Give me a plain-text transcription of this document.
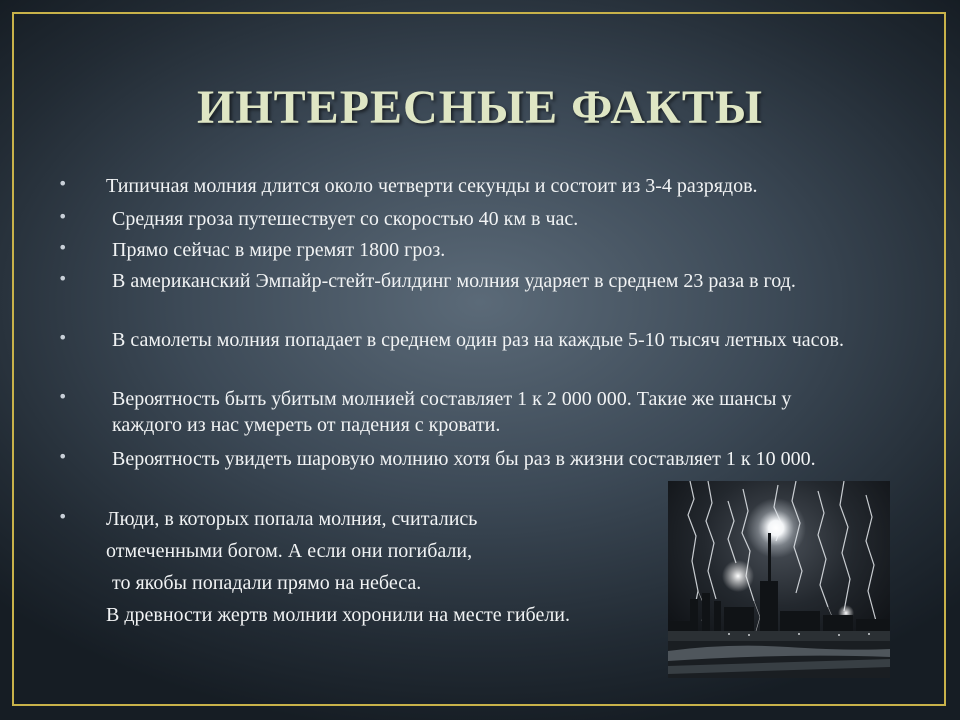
ИНТЕРЕСНЫЕ ФАКТЫ
• Типичная молния длится около четверти секунды и состоит из 3-4 разрядов.
•	Средняя гроза путешествует со скоростью 40 км в час.
•	Прямо сейчас в мире гремят 1800 гроз.
•	В американский Эмпайр-стейт-билдинг молния ударяет в среднем 23 раза в год.
•	В самолеты молния попадает в среднем один раз на каждые 5-10 тысяч летных часов.
•	Вероятность быть убитым молнией составляет 1 к 2 000 000. Такие же шансы у каждого из нас умереть от падения с кровати.
•	Вероятность увидеть шаровую молнию хотя бы раз в жизни составляет 1 к 10 000.
• Люди, в которых попала молния, считались
отмеченными богом. А если они погибали,
то якобы попадали прямо на небеса.
В древности жертв молнии хоронили на месте гибели.
